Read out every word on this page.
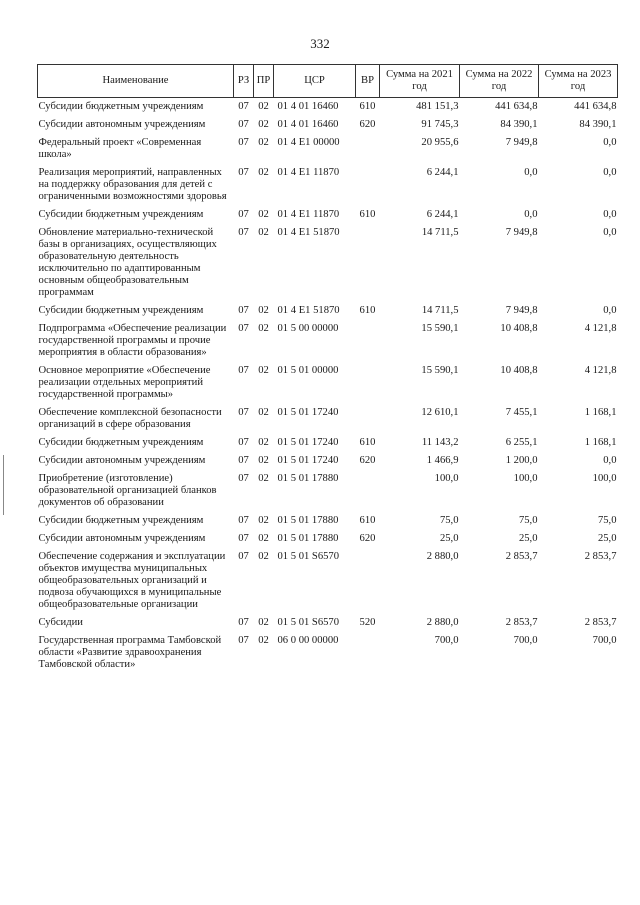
332
Наименование	РЗ	ПР	ЦСР	ВР	Сумма на 2021 год	Сумма на 2022 год	Сумма на 2023 год
Субсидии бюджетным учреждениям	07	02	01 4 01 16460	610	481 151,3	441 634,8	441 634,8
Субсидии автономным учреждениям	07	02	01 4 01 16460	620	91 745,3	84 390,1	84 390,1
Федеральный проект «Современная школа»	07	02	01 4 E1 00000		20 955,6	7 949,8	0,0
Реализация мероприятий, направленных на поддержку образования для детей с ограниченными возможностями здоровья	07	02	01 4 E1 11870		6 244,1	0,0	0,0
Субсидии бюджетным учреждениям	07	02	01 4 E1 11870	610	6 244,1	0,0	0,0
Обновление материально-технической базы в организациях, осуществляющих образовательную деятельность исключительно по адаптированным основным общеобразовательным программам	07	02	01 4 E1 51870		14 711,5	7 949,8	0,0
Субсидии бюджетным учреждениям	07	02	01 4 E1 51870	610	14 711,5	7 949,8	0,0
Подпрограмма «Обеспечение реализации государственной программы и прочие мероприятия в области образования»	07	02	01 5 00 00000		15 590,1	10 408,8	4 121,8
Основное мероприятие «Обеспечение реализации отдельных мероприятий государственной программы»	07	02	01 5 01 00000		15 590,1	10 408,8	4 121,8
Обеспечение комплексной безопасности организаций в сфере образования	07	02	01 5 01 17240		12 610,1	7 455,1	1 168,1
Субсидии бюджетным учреждениям	07	02	01 5 01 17240	610	11 143,2	6 255,1	1 168,1
Субсидии автономным учреждениям	07	02	01 5 01 17240	620	1 466,9	1 200,0	0,0
Приобретение (изготовление) образовательной организацией бланков документов об образовании	07	02	01 5 01 17880		100,0	100,0	100,0
Субсидии бюджетным учреждениям	07	02	01 5 01 17880	610	75,0	75,0	75,0
Субсидии автономным учреждениям	07	02	01 5 01 17880	620	25,0	25,0	25,0
Обеспечение содержания и эксплуатации объектов имущества муниципальных общеобразовательных организаций и подвоза обучающихся в муниципальные общеобразовательные организации	07	02	01 5 01 S6570		2 880,0	2 853,7	2 853,7
Субсидии	07	02	01 5 01 S6570	520	2 880,0	2 853,7	2 853,7
Государственная программа Тамбовской области «Развитие здравоохранения Тамбовской области»	07	02	06 0 00 00000		700,0	700,0	700,0
